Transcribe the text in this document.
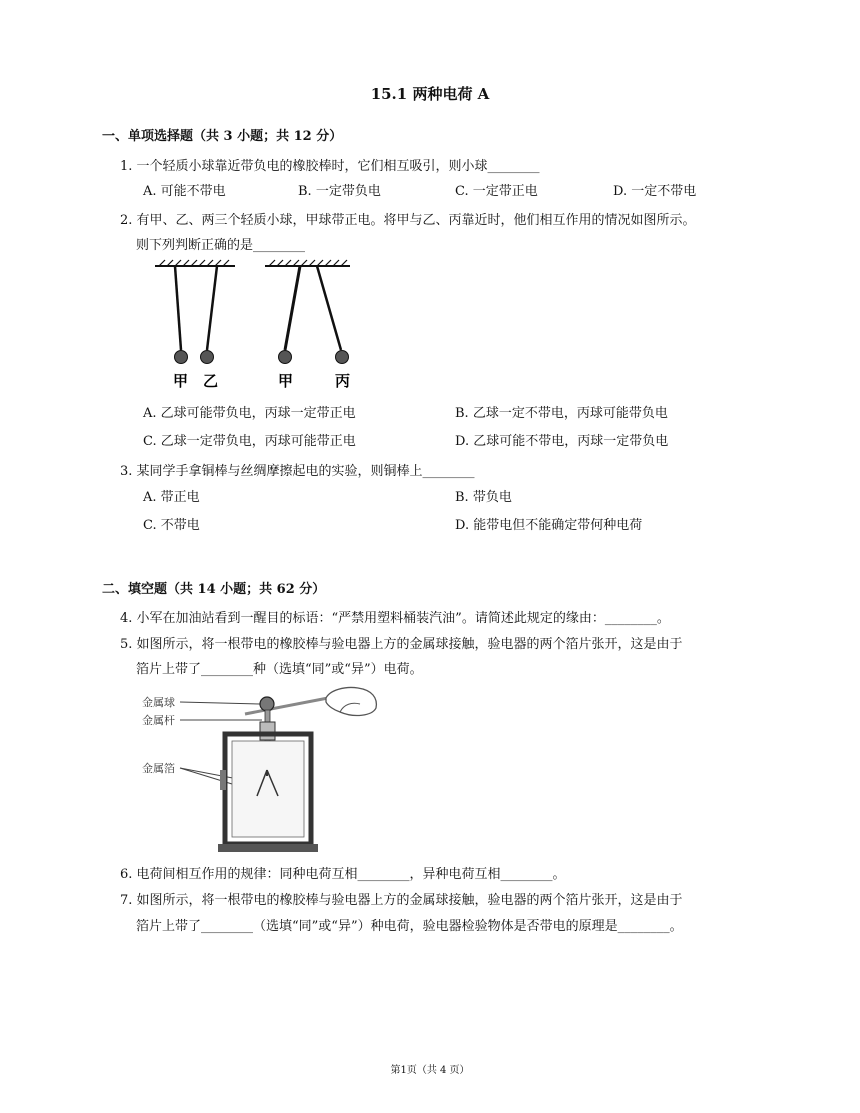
15.1 两种电荷 A
一、单项选择题（共 3 小题；共 12 分）
1. 一个轻质小球靠近带负电的橡胶棒时，它们相互吸引，则小球________
A. 可能不带电	B. 一定带负电	C. 一定带正电	D. 一定不带电
2. 有甲、乙、两三个轻质小球，甲球带正电。将甲与乙、丙靠近时，他们相互作用的情况如图所示。
则下列判断正确的是________
甲 乙	甲	丙
A. 乙球可能带负电，丙球一定带正电	B. 乙球一定不带电，丙球可能带负电
C. 乙球一定带负电，丙球可能带正电	D. 乙球可能不带电，丙球一定带负电
3. 某同学手拿铜棒与丝绸摩擦起电的实验，则铜棒上________
A. 带正电	B. 带负电
C. 不带电	D. 能带电但不能确定带何种电荷
二、填空题（共 14 小题；共 62 分）
4. 小军在加油站看到一醒目的标语：“严禁用塑料桶装汽油”。请简述此规定的缘由：________。
5. 如图所示，将一根带电的橡胶棒与验电器上方的金属球接触，验电器的两个箔片张开，这是由于
箔片上带了________种（选填“同”或“异”）电荷。
金属球
金属杆
金属箔
6. 电荷间相互作用的规律：同种电荷互相________，异种电荷互相________。
7. 如图所示，将一根带电的橡胶棒与验电器上方的金属球接触，验电器的两个箔片张开，这是由于
箔片上带了________（选填“同”或“异”）种电荷，验电器检验物体是否带电的原理是________。
第1页（共 4 页）
